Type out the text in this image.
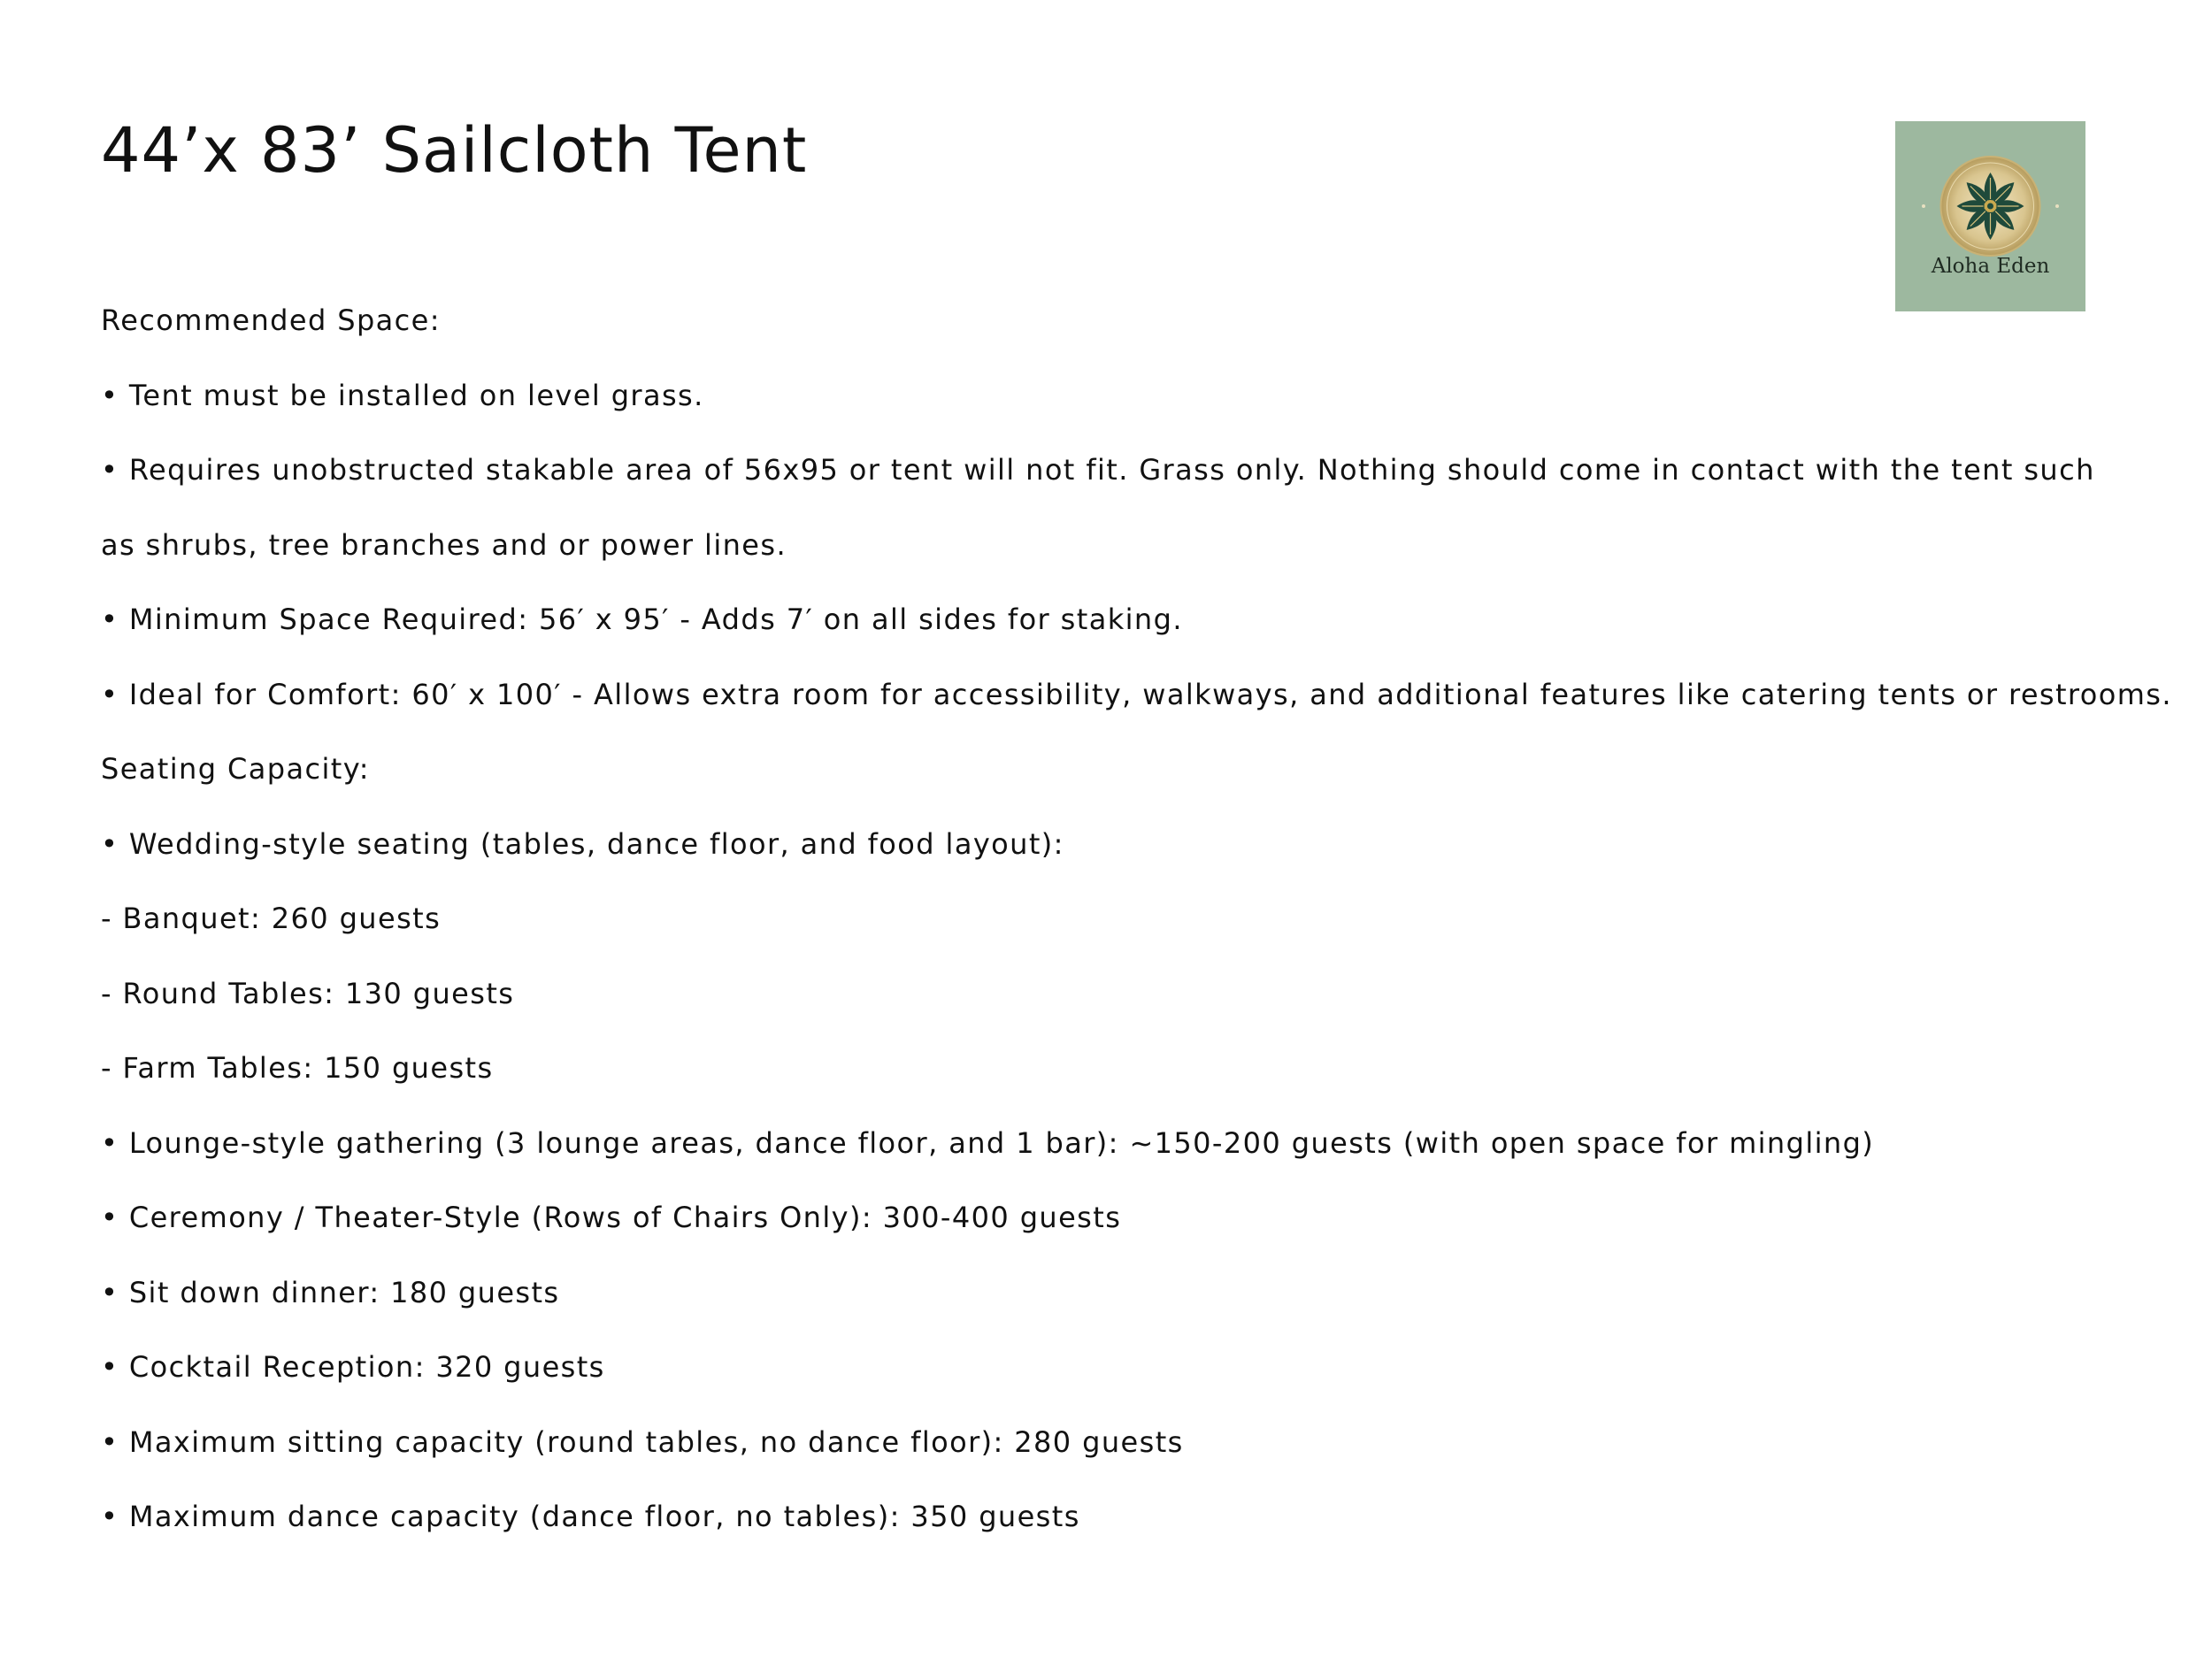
44’x 83’ Sailcloth Tent
Aloha Eden
Recommended Space:
• Tent must be installed on level grass.
• Requires unobstructed stakable area of 56x95 or tent will not fit. Grass only. Nothing should come in contact with the tent such as shrubs, tree branches and or power lines.
• Minimum Space Required: 56′ x 95′ - Adds 7′ on all sides for staking.
• Ideal for Comfort: 60′ x 100′ - Allows extra room for accessibility, walkways, and additional features like catering tents or restrooms.
Seating Capacity:
• Wedding-style seating (tables, dance floor, and food layout):
- Banquet: 260 guests
- Round Tables: 130 guests
- Farm Tables: 150 guests
• Lounge-style gathering (3 lounge areas, dance floor, and 1 bar): ~150-200 guests (with open space for mingling)
• Ceremony / Theater-Style (Rows of Chairs Only): 300-400 guests
• Sit down dinner: 180 guests
• Cocktail Reception: 320 guests
• Maximum sitting capacity (round tables, no dance floor): 280 guests
• Maximum dance capacity (dance floor, no tables): 350 guests
